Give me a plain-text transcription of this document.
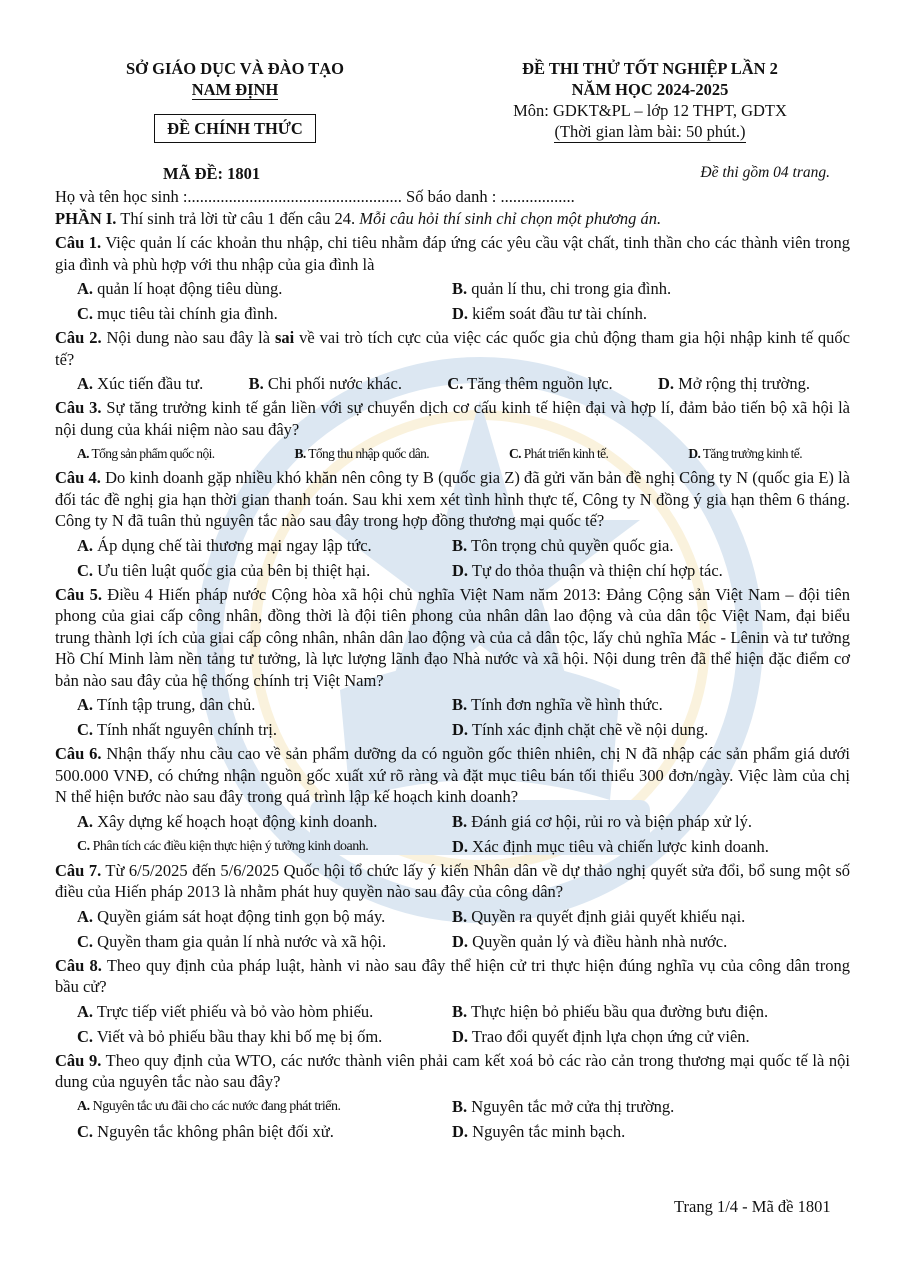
SỞ GIÁO DỤC VÀ ĐÀO TẠO
NAM ĐỊNH
ĐỀ CHÍNH THỨC
ĐỀ THI THỬ TỐT NGHIỆP LẦN 2
NĂM HỌC 2024-2025
Môn: GDKT&PL – lớp 12 THPT, GDTX
(Thời gian làm bài: 50 phút.)
MÃ ĐỀ: 1801	Đề thi gồm 04 trang.
Họ và tên học sinh :.................................................... Số báo danh : ..................
PHẦN I. Thí sinh trả lời từ câu 1 đến câu 24. Mỗi câu hỏi thí sinh chỉ chọn một phương án.
Câu 1. Việc quản lí các khoản thu nhập, chi tiêu nhằm đáp ứng các yêu cầu vật chất, tinh thần cho các thành viên trong gia đình và phù hợp với thu nhập của gia đình là
A. quản lí hoạt động tiêu dùng.	B. quản lí thu, chi trong gia đình.
C. mục tiêu tài chính gia đình.	D. kiểm soát đầu tư tài chính.
Câu 2. Nội dung nào sau đây là sai về vai trò tích cực của việc các quốc gia chủ động tham gia hội nhập kinh tế quốc tế?
A. Xúc tiến đầu tư.	B. Chi phối nước khác.	C. Tăng thêm nguồn lực.	D. Mở rộng thị trường.
Câu 3. Sự tăng trưởng kinh tế gắn liền với sự chuyển dịch cơ cấu kinh tế hiện đại và hợp lí, đảm bảo tiến bộ xã hội là nội dung của khái niệm nào sau đây?
A. Tổng sản phẩm quốc nội.	B. Tổng thu nhập quốc dân.	C. Phát triển kinh tế.	D. Tăng trưởng kinh tế.
Câu 4. Do kinh doanh gặp nhiều khó khăn nên công ty B (quốc gia Z) đã gửi văn bản đề nghị Công ty N (quốc gia E) là đối tác đề nghị gia hạn thời gian thanh toán. Sau khi xem xét tình hình thực tế, Công ty N đồng ý gia hạn thêm 6 tháng. Công ty N đã tuân thủ nguyên tắc nào sau đây trong hợp đồng thương mại quốc tế?
A. Áp dụng chế tài thương mại ngay lập tức.	B. Tôn trọng chủ quyền quốc gia.
C. Ưu tiên luật quốc gia của bên bị thiệt hại.	D. Tự do thỏa thuận và thiện chí hợp tác.
Câu 5. Điều 4 Hiến pháp nước Cộng hòa xã hội chủ nghĩa Việt Nam năm 2013: Đảng Cộng sản Việt Nam – đội tiên phong của giai cấp công nhân, đồng thời là đội tiên phong của nhân dân lao động và của dân tộc Việt Nam, đại biểu trung thành lợi ích của giai cấp công nhân, nhân dân lao động và của cả dân tộc, lấy chủ nghĩa Mác - Lênin và tư tưởng Hồ Chí Minh làm nền tảng tư tưởng, là lực lượng lãnh đạo Nhà nước và xã hội. Nội dung trên đã thể hiện đặc điểm cơ bản nào sau đây của hệ thống chính trị Việt Nam?
A. Tính tập trung, dân chủ.	B. Tính đơn nghĩa về hình thức.
C. Tính nhất nguyên chính trị.	D. Tính xác định chặt chẽ về nội dung.
Câu 6. Nhận thấy nhu cầu cao về sản phẩm dưỡng da có nguồn gốc thiên nhiên, chị N đã nhập các sản phẩm giá dưới 500.000 VNĐ, có chứng nhận nguồn gốc xuất xứ rõ ràng và đặt mục tiêu bán tối thiểu 300 đơn/ngày. Việc làm của chị N thể hiện bước nào sau đây trong quá trình lập kế hoạch kinh doanh?
A. Xây dựng kế hoạch hoạt động kinh doanh.	B. Đánh giá cơ hội, rủi ro và biện pháp xử lý.
C. Phân tích các điều kiện thực hiện ý tưởng kinh doanh.	D. Xác định mục tiêu và chiến lược kinh doanh.
Câu 7. Từ 6/5/2025 đến 5/6/2025 Quốc hội tổ chức lấy ý kiến Nhân dân về dự thảo nghị quyết sửa đổi, bổ sung một số điều của Hiến pháp 2013 là nhằm phát huy quyền nào sau đây của công dân?
A. Quyền giám sát hoạt động tinh gọn bộ máy.	B. Quyền ra quyết định giải quyết khiếu nại.
C. Quyền tham gia quản lí nhà nước và xã hội.	D. Quyền quản lý và điều hành nhà nước.
Câu 8. Theo quy định của pháp luật, hành vi nào sau đây thể hiện cử tri thực hiện đúng nghĩa vụ của công dân trong bầu cử?
A. Trực tiếp viết phiếu và bỏ vào hòm phiếu.	B. Thực hiện bỏ phiếu bầu qua đường bưu điện.
C. Viết và bỏ phiếu bầu thay khi bố mẹ bị ốm.	D. Trao đổi quyết định lựa chọn ứng cử viên.
Câu 9. Theo quy định của WTO, các nước thành viên phải cam kết xoá bỏ các rào cản trong thương mại quốc tế là nội dung của nguyên tắc nào sau đây?
A. Nguyên tắc ưu đãi cho các nước đang phát triển.	B. Nguyên tắc mở cửa thị trường.
C. Nguyên tắc không phân biệt đối xử.	D. Nguyên tắc minh bạch.
Trang 1/4 - Mã đề 1801
